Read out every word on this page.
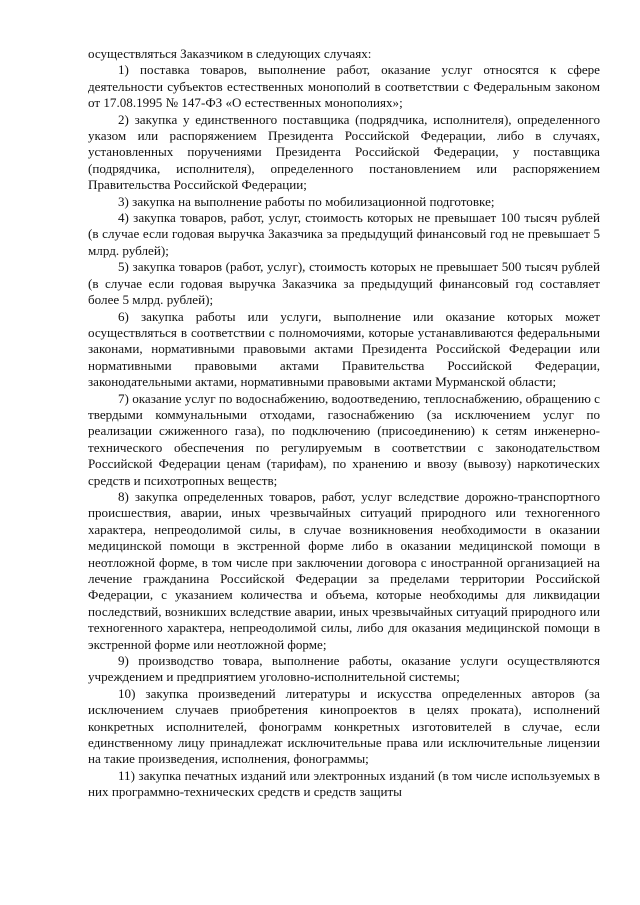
осуществляться Заказчиком в следующих случаях:

1) поставка товаров, выполнение работ, оказание услуг относятся к сфере деятельности субъектов естественных монополий в соответствии с Федеральным законом от 17.08.1995 № 147-ФЗ «О естественных монополиях»;

2) закупка у единственного поставщика (подрядчика, исполнителя), определенного указом или распоряжением Президента Российской Федерации, либо в случаях, установленных поручениями Президента Российской Федерации, у поставщика (подрядчика, исполнителя), определенного постановлением или распоряжением Правительства Российской Федерации;

3) закупка на выполнение работы по мобилизационной подготовке;

4) закупка товаров, работ, услуг, стоимость которых не превышает 100 тысяч рублей (в случае если годовая выручка Заказчика за предыдущий финансовый год не превышает 5 млрд. рублей);

5) закупка товаров (работ, услуг), стоимость которых не превышает 500 тысяч рублей (в случае если годовая выручка Заказчика за предыдущий финансовый год составляет более 5 млрд. рублей);

6) закупка работы или услуги, выполнение или оказание которых может осуществляться в соответствии с полномочиями, которые устанавливаются федеральными законами, нормативными правовыми актами Президента Российской Федерации или нормативными правовыми актами Правительства Российской Федерации, законодательными актами, нормативными правовыми актами Мурманской области;

7) оказание услуг по водоснабжению, водоотведению, теплоснабжению, обращению с твердыми коммунальными отходами, газоснабжению (за исключением услуг по реализации сжиженного газа), по подключению (присоединению) к сетям инженерно-технического обеспечения по регулируемым в соответствии с законодательством Российской Федерации ценам (тарифам), по хранению и ввозу (вывозу) наркотических средств и психотропных веществ;

8) закупка определенных товаров, работ, услуг вследствие дорожно-транспортного происшествия, аварии, иных чрезвычайных ситуаций природного или техногенного характера, непреодолимой силы, в случае возникновения необходимости в оказании медицинской помощи в экстренной форме либо в оказании медицинской помощи в неотложной форме, в том числе при заключении договора с иностранной организацией на лечение гражданина Российской Федерации за пределами территории Российской Федерации, с указанием количества и объема, которые необходимы для ликвидации последствий, возникших вследствие аварии, иных чрезвычайных ситуаций природного или техногенного характера, непреодолимой силы, либо для оказания медицинской помощи в экстренной форме или неотложной форме;

9) производство товара, выполнение работы, оказание услуги осуществляются учреждением и предприятием уголовно-исполнительной системы;

10) закупка произведений литературы и искусства определенных авторов (за исключением случаев приобретения кинопроектов в целях проката), исполнений конкретных исполнителей, фонограмм конкретных изготовителей в случае, если единственному лицу принадлежат исключительные права или исключительные лицензии на такие произведения, исполнения, фонограммы;

11) закупка печатных изданий или электронных изданий (в том числе используемых в них программно-технических средств и средств защиты
